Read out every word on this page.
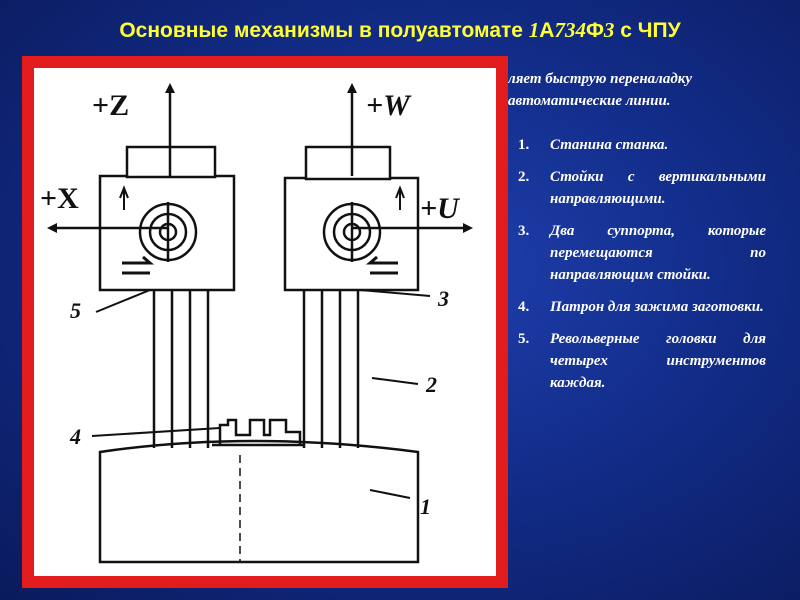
Основные механизмы в полуавтомате 1А734Ф3 с ЧПУ
ляет быструю переналадку
автоматические линии.
1. Станина станка.
2. Стойки с вертикальными направляющими.
3. Два суппорта, которые перемещаются по направляющим стойки.
4. Патрон для зажима заготовки.
5. Револьверные головки для четырех инструментов каждая.
+Z	+W
+X	+U
1
2
3
4
5
